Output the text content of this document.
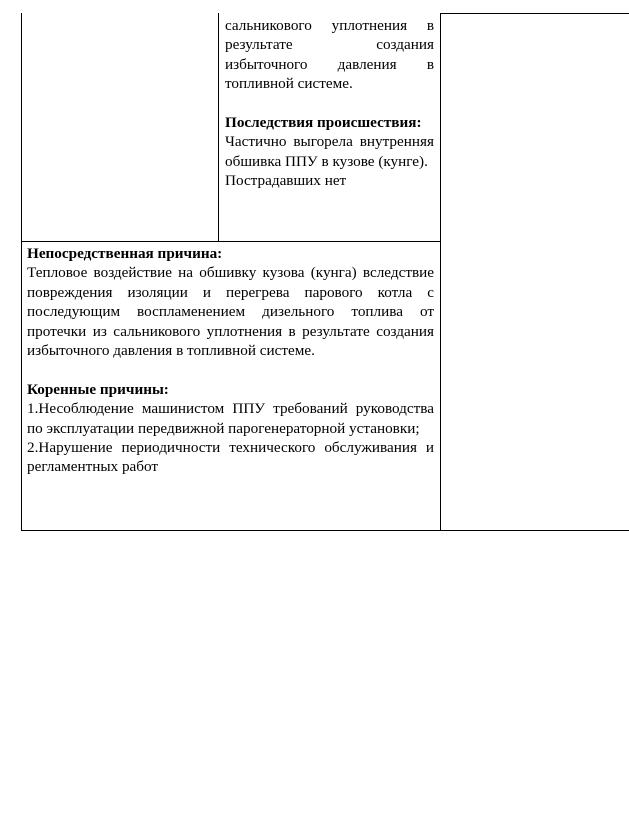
сальникового уплотнения в результате создания избыточного давления в топливной системе.

Последствия происшествия:

Частично выгорела внутренняя обшивка ППУ в кузове (кунге).

Пострадавших нет

Непосредственная причина:

Тепловое воздействие на обшивку кузова (кунга) вследствие повреждения изоляции и перегрева парового котла с последующим воспламенением дизельного топлива от протечки из сальникового уплотнения в результате создания избыточного давления в топливной системе.

Коренные причины:

1.Несоблюдение машинистом ППУ требований руководства по эксплуатации передвижной парогенераторной установки;

2.Нарушение периодичности технического обслуживания и регламентных работ
